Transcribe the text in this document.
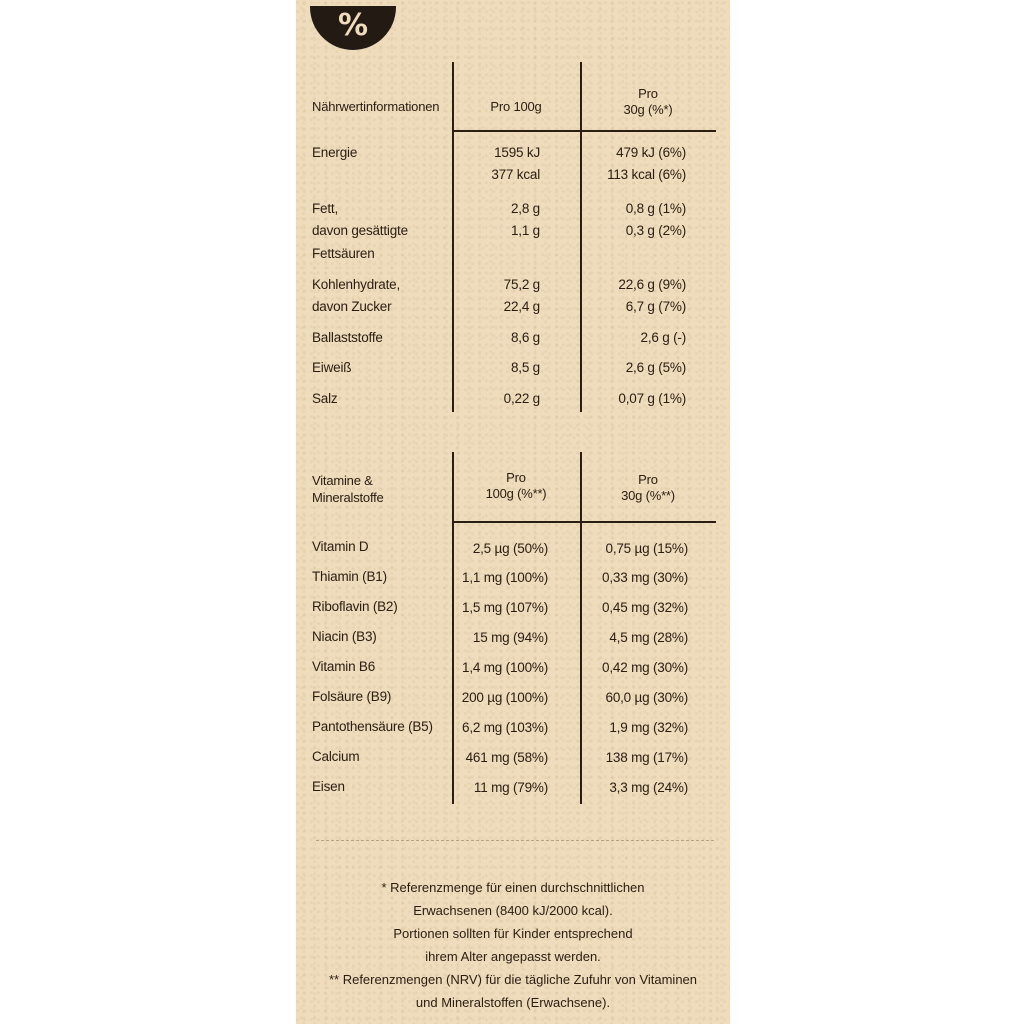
%
Nährwertinformationen	Pro 100g
Pro
30g (%*)
Energie	1595 kJ	479 kJ (6%)
377 kcal	113 kcal (6%)
Fett,	2,8 g	0,8 g (1%)
davon gesättigte	1,1 g	0,3 g (2%)
Fettsäuren
Kohlenhydrate,	75,2 g	22,6 g (9%)
davon Zucker	22,4 g	6,7 g (7%)
Ballaststoffe	8,6 g	2,6 g (-)
Eiweiß	8,5 g	2,6 g (5%)
Salz	0,22 g	0,07 g (1%)
Vitamine &
Mineralstoffe
Pro
100g (%**)
Pro
30g (%**)
Vitamin D	2,5 µg (50%)	0,75 µg (15%)
Thiamin (B1)	1,1 mg (100%)	0,33 mg (30%)
Riboflavin (B2)	1,5 mg (107%)	0,45 mg (32%)
Niacin (B3)	15 mg (94%)	4,5 mg (28%)
Vitamin B6	1,4 mg (100%)	0,42 mg (30%)
Folsäure (B9)	200 µg (100%)	60,0 µg (30%)
Pantothensäure (B5)	6,2 mg (103%)	1,9 mg (32%)
Calcium	461 mg (58%)	138 mg (17%)
Eisen	11 mg (79%)	3,3 mg (24%)
* Referenzmenge für einen durchschnittlichen
Erwachsenen (8400 kJ/2000 kcal).
Portionen sollten für Kinder entsprechend
ihrem Alter angepasst werden.
** Referenzmengen (NRV) für die tägliche Zufuhr von Vitaminen
und Mineralstoffen (Erwachsene).
